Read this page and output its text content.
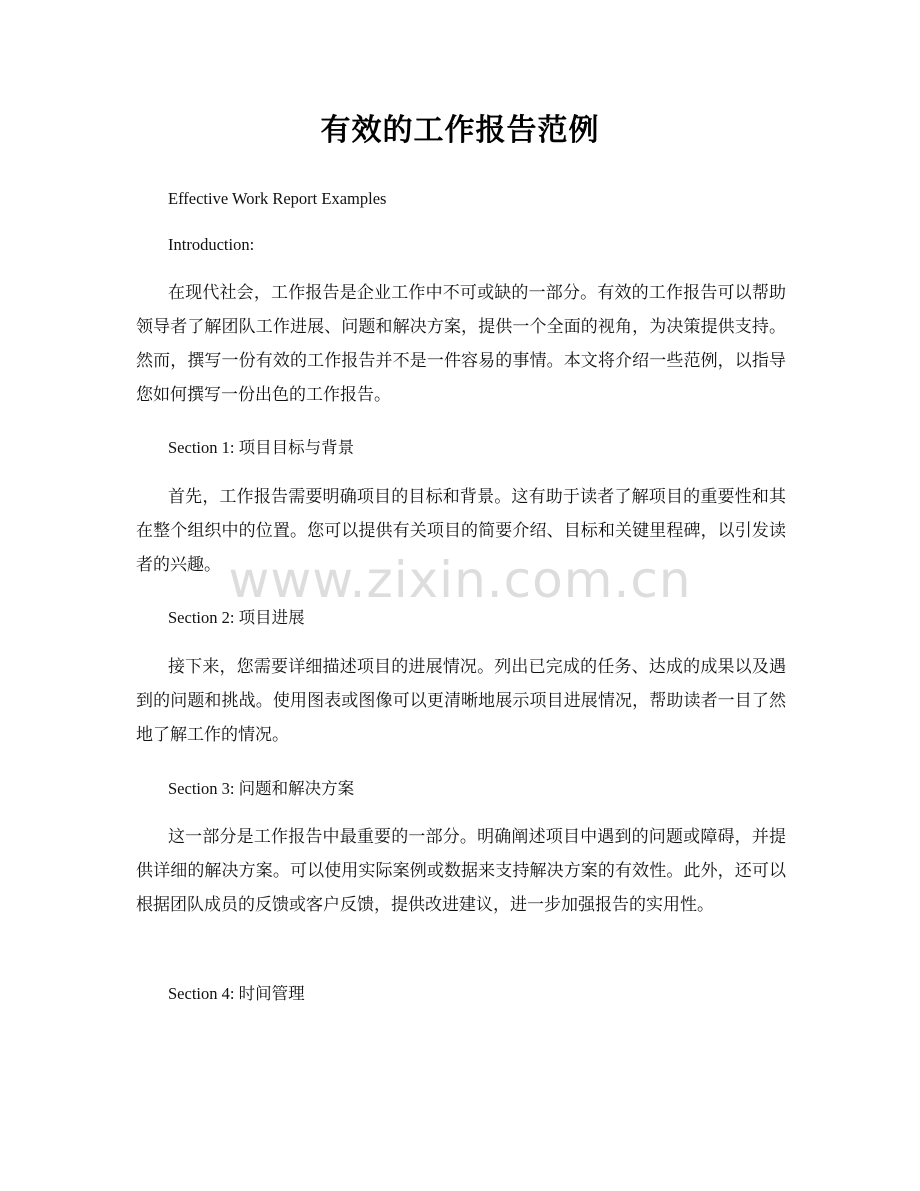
有效的工作报告范例

Effective Work Report Examples

Introduction:

在现代社会，工作报告是企业工作中不可或缺的一部分。有效的工作报告可以帮助领导者了解团队工作进展、问题和解决方案，提供一个全面的视角，为决策提供支持。然而，撰写一份有效的工作报告并不是一件容易的事情。本文将介绍一些范例，以指导您如何撰写一份出色的工作报告。

Section 1: 项目目标与背景

首先，工作报告需要明确项目的目标和背景。这有助于读者了解项目的重要性和其在整个组织中的位置。您可以提供有关项目的简要介绍、目标和关键里程碑，以引发读者的兴趣。

Section 2: 项目进展

接下来，您需要详细描述项目的进展情况。列出已完成的任务、达成的成果以及遇到的问题和挑战。使用图表或图像可以更清晰地展示项目进展情况，帮助读者一目了然地了解工作的情况。

Section 3: 问题和解决方案

这一部分是工作报告中最重要的一部分。明确阐述项目中遇到的问题或障碍，并提供详细的解决方案。可以使用实际案例或数据来支持解决方案的有效性。此外，还可以根据团队成员的反馈或客户反馈，提供改进建议，进一步加强报告的实用性。

Section 4: 时间管理

www.zixin.com.cn
